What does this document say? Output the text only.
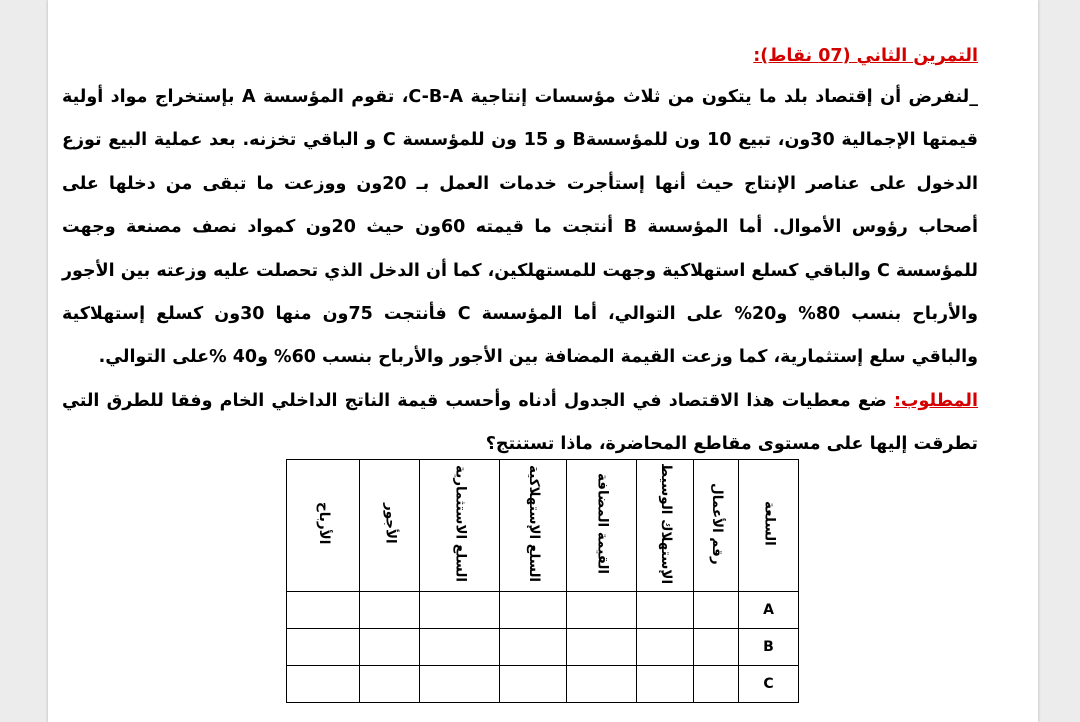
التمرين الثاني (07 نقاط):

_لنفرض أن إقتصاد بلد ما يتكون من ثلاث مؤسسات إنتاجية C-B-A، تقوم المؤسسة A بإستخراج مواد أولية قيمتها الإجمالية 30ون، تبيع 10 ون للمؤسسةB و 15 ون للمؤسسة C و الباقي تخزنه. بعد عملية البيع توزع الدخول على عناصر الإنتاج حيث أنها إستأجرت خدمات العمل بـ 20ون ووزعت ما تبقى من دخلها على أصحاب رؤوس الأموال. أما المؤسسة B أنتجت ما قيمته 60ون حيث 20ون كمواد نصف مصنعة وجهت للمؤسسة C والباقي كسلع استهلاكية وجهت للمستهلكين، كما أن الدخل الذي تحصلت عليه وزعته بين الأجور والأرباح بنسب 80% و20% على التوالي، أما المؤسسة C فأنتجت 75ون منها 30ون كسلع إستهلاكية والباقي سلع إستثمارية، كما وزعت القيمة المضافة بين الأجور والأرباح بنسب 60% و40 %على التوالي.

المطلوب: ضع معطيات هذا الاقتصاد في الجدول أدناه وأحسب قيمة الناتج الداخلي الخام وفقا للطرق التي تطرقت إليها على مستوى مقاطع المحاضرة، ماذا تستنتج؟

السلعة	رقم الأعمال	الإستهلاك الوسيط	القيمة المضافة	السلع الإستهلاكية	السلع الاستثمارية	الأجور	الأرباح
A							
B							
C							
